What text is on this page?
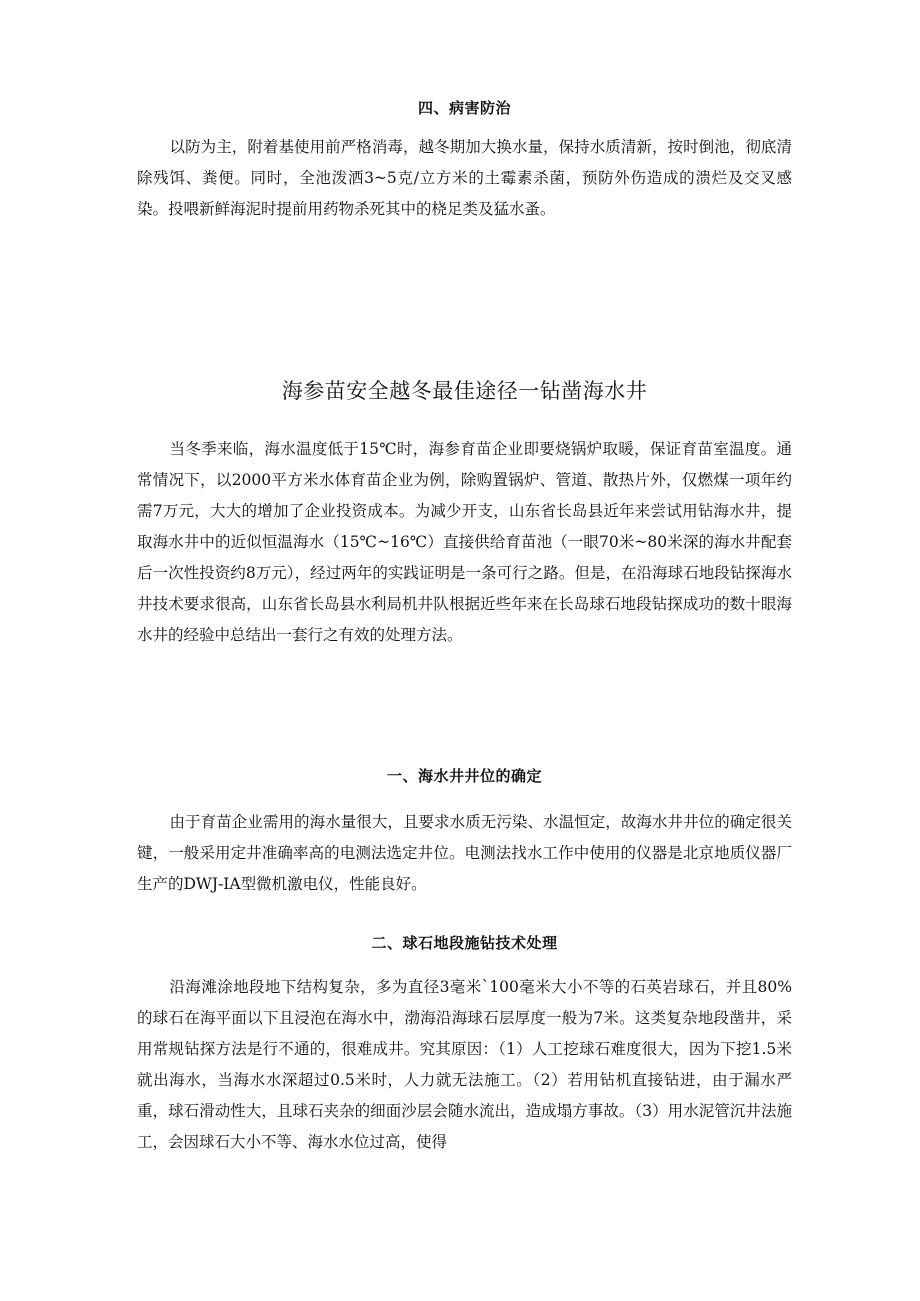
四、病害防治
以防为主，附着基使用前严格消毒，越冬期加大换水量，保持水质清新，按时倒池，彻底清除残饵、粪便。同时，全池泼洒3~5克/立方米的土霉素杀菌，预防外伤造成的溃烂及交叉感染。投喂新鲜海泥时提前用药物杀死其中的桡足类及猛水蚤。
海参苗安全越冬最佳途径一钻凿海水井
当冬季来临，海水温度低于15℃时，海参育苗企业即要烧锅炉取暖，保证育苗室温度。通常情况下，以2000平方米水体育苗企业为例，除购置锅炉、管道、散热片外，仅燃煤一项年约需7万元，大大的增加了企业投资成本。为减少开支，山东省长岛县近年来尝试用钻海水井，提取海水井中的近似恒温海水（15℃~16℃）直接供给育苗池（一眼70米~80米深的海水井配套后一次性投资约8万元），经过两年的实践证明是一条可行之路。但是，在沿海球石地段钻探海水井技术要求很高，山东省长岛县水利局机井队根据近些年来在长岛球石地段钻探成功的数十眼海水井的经验中总结出一套行之有效的处理方法。
一、海水井井位的确定
由于育苗企业需用的海水量很大，且要求水质无污染、水温恒定，故海水井井位的确定很关键，一般采用定井准确率高的电测法选定井位。电测法找水工作中使用的仪器是北京地质仪器厂生产的DWJ-IA型微机激电仪，性能良好。
二、球石地段施钻技术处理
沿海滩涂地段地下结构复杂，多为直径3毫米`100毫米大小不等的石英岩球石，并且80%的球石在海平面以下且浸泡在海水中，渤海沿海球石层厚度一般为7米。这类复杂地段凿井，采用常规钻探方法是行不通的，很难成井。究其原因：（1）人工挖球石难度很大，因为下挖1.5米就出海水，当海水水深超过0.5米时，人力就无法施工。（2）若用钻机直接钻进，由于漏水严重，球石滑动性大，且球石夹杂的细面沙层会随水流出，造成塌方事故。（3）用水泥管沉井法施工，会因球石大小不等、海水水位过高，使得
